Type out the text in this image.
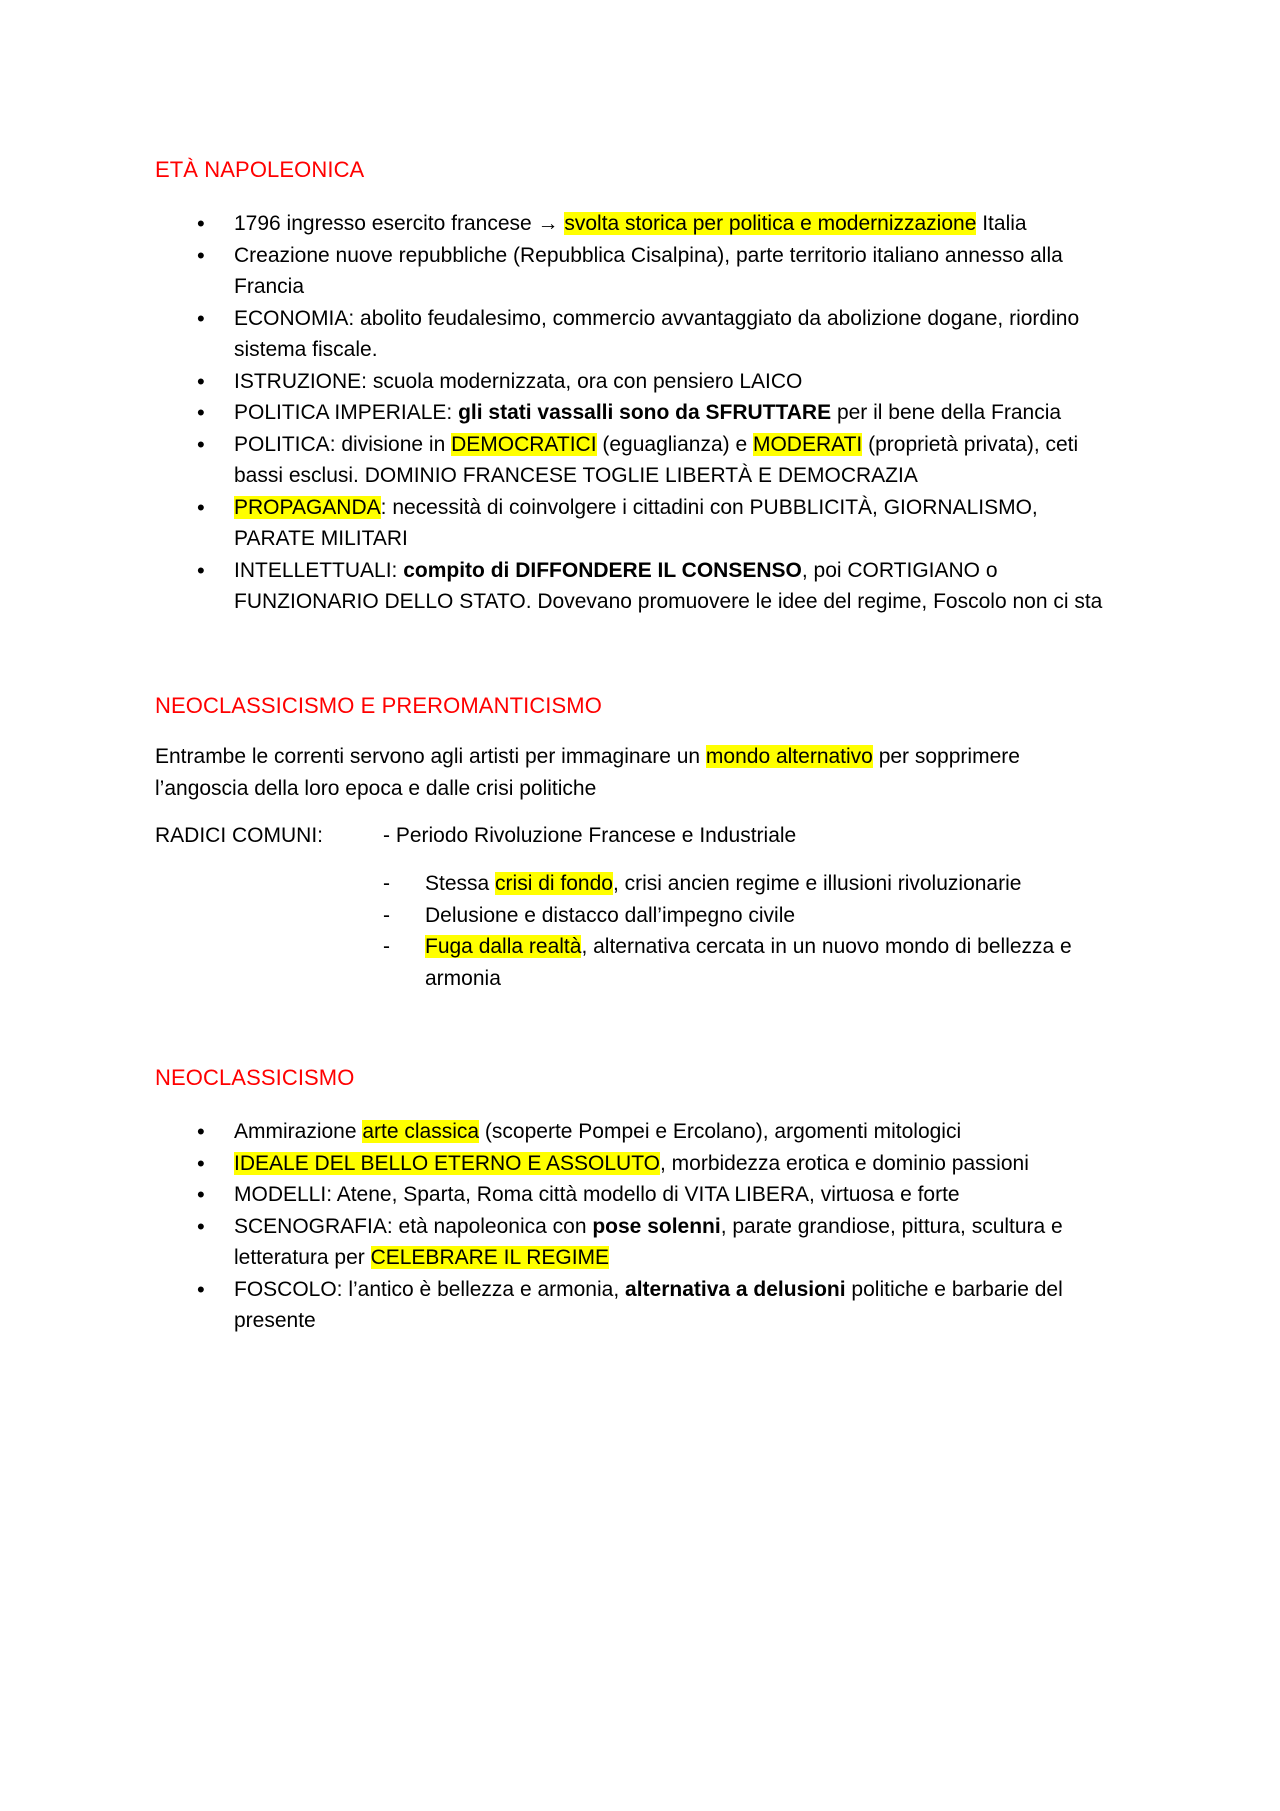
ETÀ NAPOLEONICA
• 1796 ingresso esercito francese → svolta storica per politica e modernizzazione Italia
• Creazione nuove repubbliche (Repubblica Cisalpina), parte territorio italiano annesso alla Francia
• ECONOMIA: abolito feudalesimo, commercio avvantaggiato da abolizione dogane, riordino sistema fiscale.
• ISTRUZIONE: scuola modernizzata, ora con pensiero LAICO
• POLITICA IMPERIALE: gli stati vassalli sono da SFRUTTARE per il bene della Francia
• POLITICA: divisione in DEMOCRATICI (eguaglianza) e MODERATI (proprietà privata), ceti bassi esclusi. DOMINIO FRANCESE TOGLIE LIBERTÀ E DEMOCRAZIA
• PROPAGANDA: necessità di coinvolgere i cittadini con PUBBLICITÀ, GIORNALISMO, PARATE MILITARI
• INTELLETTUALI: compito di DIFFONDERE IL CONSENSO, poi CORTIGIANO o FUNZIONARIO DELLO STATO. Dovevano promuovere le idee del regime, Foscolo non ci sta
NEOCLASSICISMO E PREROMANTICISMO

Entrambe le correnti servono agli artisti per immaginare un mondo alternativo per sopprimere l’angoscia della loro epoca e dalle crisi politiche

RADICI COMUNI:	- Periodo Rivoluzione Francese e Industriale

- Stessa crisi di fondo, crisi ancien regime e illusioni rivoluzionarie
- Delusione e distacco dall’impegno civile
- Fuga dalla realtà, alternativa cercata in un nuovo mondo di bellezza e armonia
NEOCLASSICISMO
• Ammirazione arte classica (scoperte Pompei e Ercolano), argomenti mitologici
• IDEALE DEL BELLO ETERNO E ASSOLUTO, morbidezza erotica e dominio passioni
• MODELLI: Atene, Sparta, Roma città modello di VITA LIBERA, virtuosa e forte
• SCENOGRAFIA: età napoleonica con pose solenni, parate grandiose, pittura, scultura e letteratura per CELEBRARE IL REGIME
• FOSCOLO: l’antico è bellezza e armonia, alternativa a delusioni politiche e barbarie del presente
